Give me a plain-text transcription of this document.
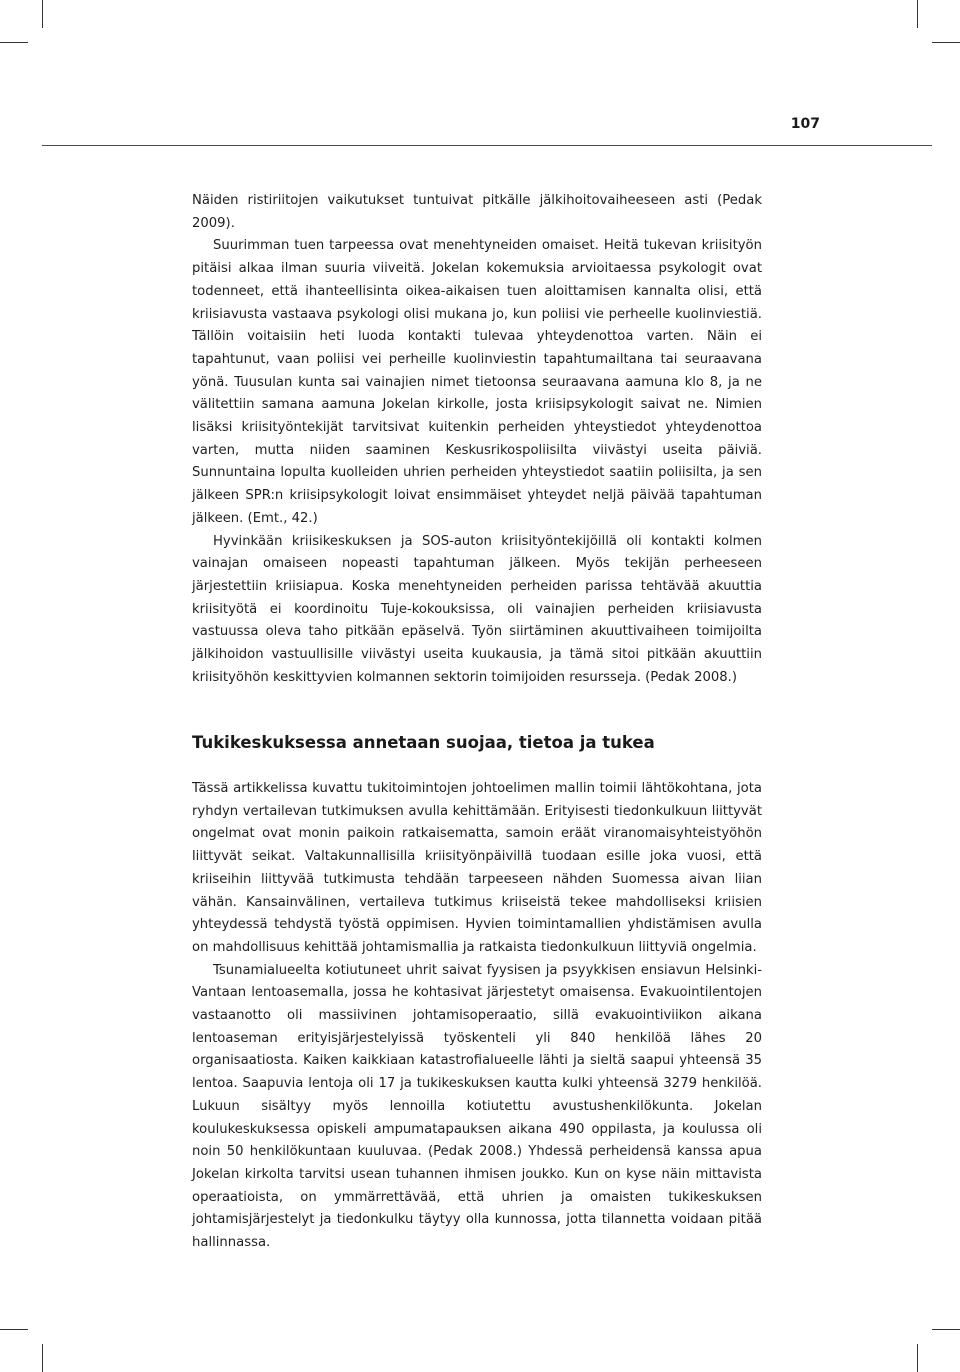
107

Näiden ristiriitojen vaikutukset tuntuivat pitkälle jälkihoitovaiheeseen asti (Pedak 2009).

Suurimman tuen tarpeessa ovat menehtyneiden omaiset. Heitä tukevan kriisityön pitäisi alkaa ilman suuria viiveitä. Jokelan kokemuksia arvioitaessa psykologit ovat todenneet, että ihanteellisinta oikea-aikaisen tuen aloittamisen kannalta olisi, että kriisiavusta vastaava psykologi olisi mukana jo, kun poliisi vie perheelle kuolinviestiä. Tällöin voitaisiin heti luoda kontakti tulevaa yhteydenottoa varten. Näin ei tapahtunut, vaan poliisi vei perheille kuolinviestin tapahtumailtana tai seuraavana yönä. Tuusulan kunta sai vainajien nimet tietoonsa seuraavana aamuna klo 8, ja ne välitettiin samana aamuna Jokelan kirkolle, josta kriisipsykologit saivat ne. Nimien lisäksi kriisityöntekijät tarvitsivat kuitenkin perheiden yhteystiedot yhteydenottoa varten, mutta niiden saaminen Keskusrikospoliisilta viivästyi useita päiviä. Sunnuntaina lopulta kuolleiden uhrien perheiden yhteystiedot saatiin poliisilta, ja sen jälkeen SPR:n kriisipsykologit loivat ensimmäiset yhteydet neljä päivää tapahtuman jälkeen. (Emt., 42.)

Hyvinkään kriisikeskuksen ja SOS-auton kriisityöntekijöillä oli kontakti kolmen vainajan omaiseen nopeasti tapahtuman jälkeen. Myös tekijän perheeseen järjestettiin kriisiapua. Koska menehtyneiden perheiden parissa tehtävää akuuttia kriisityötä ei koordinoitu Tuje-kokouksissa, oli vainajien perheiden kriisiavusta vastuussa oleva taho pitkään epäselvä. Työn siirtäminen akuuttivaiheen toimijoilta jälkihoidon vastuullisille viivästyi useita kuukausia, ja tämä sitoi pitkään akuuttiin kriisityöhön keskittyvien kolmannen sektorin toimijoiden resursseja. (Pedak 2008.)

Tukikeskuksessa annetaan suojaa, tietoa ja tukea

Tässä artikkelissa kuvattu tukitoimintojen johtoelimen mallin toimii lähtökohtana, jota ryhdyn vertailevan tutkimuksen avulla kehittämään. Erityisesti tiedonkulkuun liittyvät ongelmat ovat monin paikoin ratkaisematta, samoin eräät viranomaisyhteistyöhön liittyvät seikat. Valtakunnallisilla kriisityönpäivillä tuodaan esille joka vuosi, että kriiseihin liittyvää tutkimusta tehdään tarpeeseen nähden Suomessa aivan liian vähän. Kansainvälinen, vertaileva tutkimus kriiseistä tekee mahdolliseksi kriisien yhteydessä tehdystä työstä oppimisen. Hyvien toimintamallien yhdistämisen avulla on mahdollisuus kehittää johtamismallia ja ratkaista tiedonkulkuun liittyviä ongelmia.

Tsunamialueelta kotiutuneet uhrit saivat fyysisen ja psyykkisen ensiavun Helsinki-Vantaan lentoasemalla, jossa he kohtasivat järjestetyt omaisensa. Evakuointilentojen vastaanotto oli massiivinen johtamisoperaatio, sillä evakuointiviikon aikana lentoaseman erityisjärjestelyissä työskenteli yli 840 henkilöä lähes 20 organisaatiosta. Kaiken kaikkiaan katastrofialueelle lähti ja sieltä saapui yhteensä 35 lentoa. Saapuvia lentoja oli 17 ja tukikeskuksen kautta kulki yhteensä 3279 henkilöä. Lukuun sisältyy myös lennoilla kotiutettu avustushenkilökunta. Jokelan koulukeskuksessa opiskeli ampumatapauksen aikana 490 oppilasta, ja koulussa oli noin 50 henkilökuntaan kuuluvaa. (Pedak 2008.) Yhdessä perheidensä kanssa apua Jokelan kirkolta tarvitsi usean tuhannen ihmisen joukko. Kun on kyse näin mittavista operaatioista, on ymmärrettävää, että uhrien ja omaisten tukikeskuksen johtamisjärjestelyt ja tiedonkulku täytyy olla kunnossa, jotta tilannetta voidaan pitää hallinnassa.
